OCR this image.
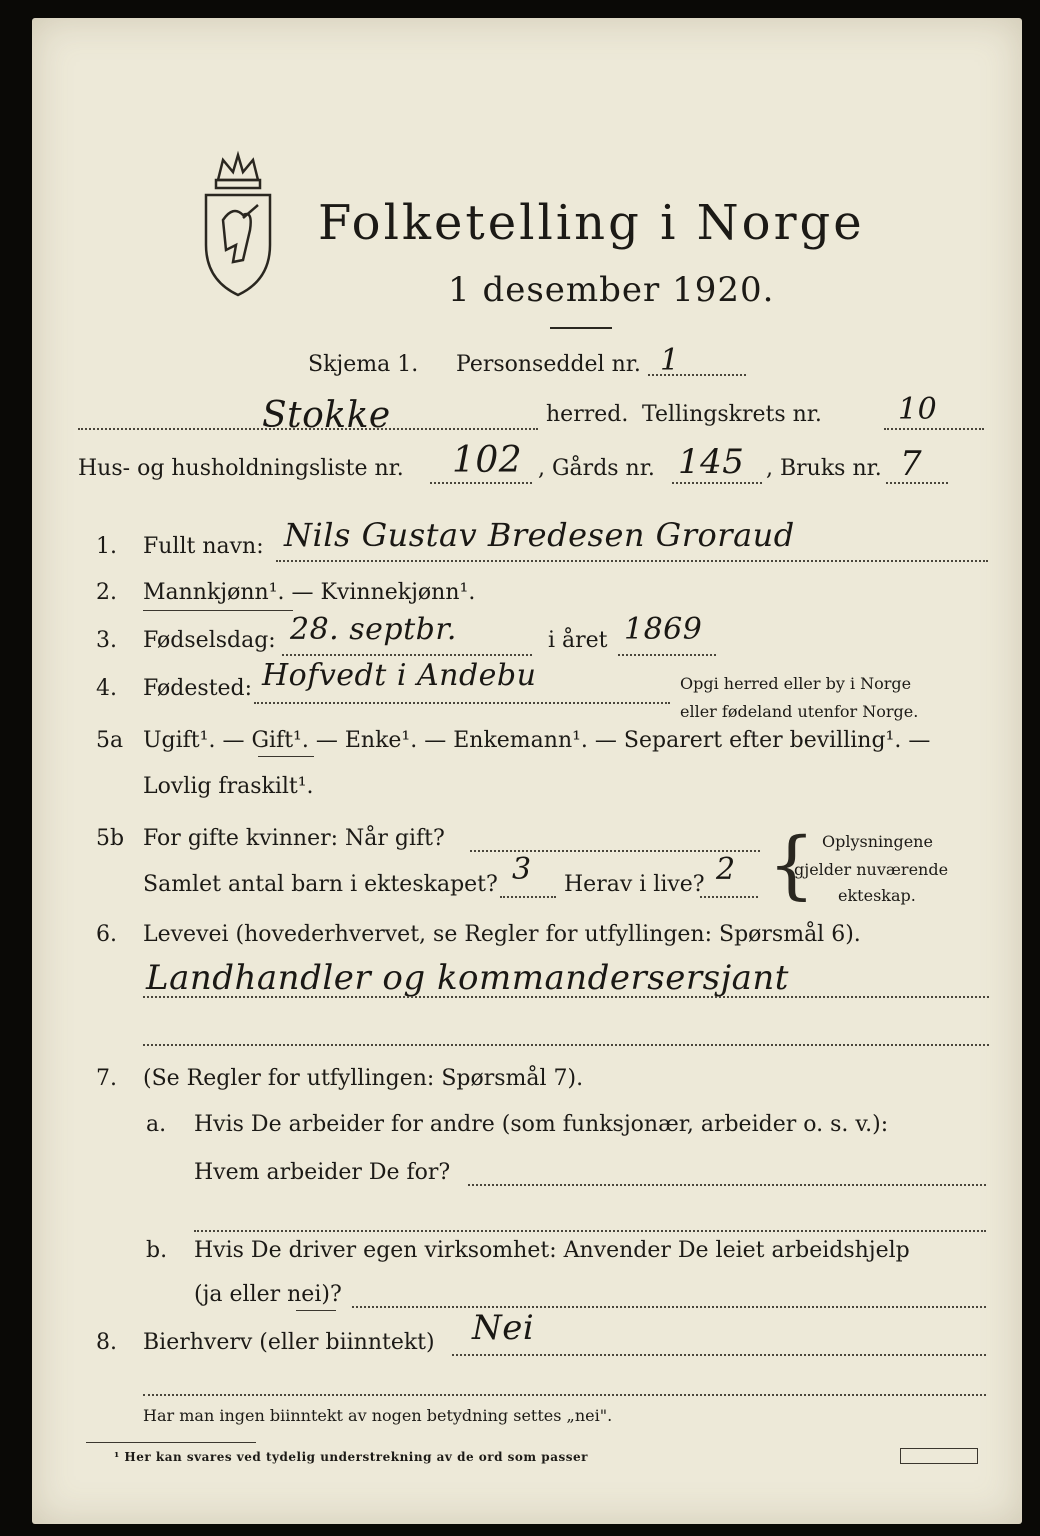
Folketelling i Norge
1 desember 1920.
Skjema 1. Personseddel nr. 1
Stokke	herred. Tellingskrets nr.	10
Hus- og husholdningsliste nr. 102 , Gårds nr. 145 , Bruks nr. 7
1. Fullt navn: Nils Gustav Bredesen Groraud
2. Mannkjønn¹. — Kvinnekjønn¹.
3. Fødselsdag: 28. septbr.	i året 1869
4. Fødested: Hofvedt i Andebu	Opgi herred eller by i Norge
eller fødeland utenfor Norge.
5a Ugift¹. — Gift¹. — Enke¹. — Enkemann¹. — Separert efter bevilling¹. —
Lovlig fraskilt¹.
5b For gifte kvinner: Når gift?
Samlet antal barn i ekteskapet? 3 Herav i live? 2 { Oplysningene
gjelder nuværende
ekteskap.
6. Levevei (hovederhvervet, se Regler for utfyllingen: Spørsmål 6).
Landhandler og kommandersersjant
7. (Se Regler for utfyllingen: Spørsmål 7).
a. Hvis De arbeider for andre (som funksjonær, arbeider o. s. v.):
Hvem arbeider De for?
b. Hvis De driver egen virksomhet: Anvender De leiet arbeidshjelp
(ja eller nei)?
8. Bierhverv (eller biinntekt) Nei
Har man ingen biinntekt av nogen betydning settes „nei".
¹ Her kan svares ved tydelig understrekning av de ord som passer
